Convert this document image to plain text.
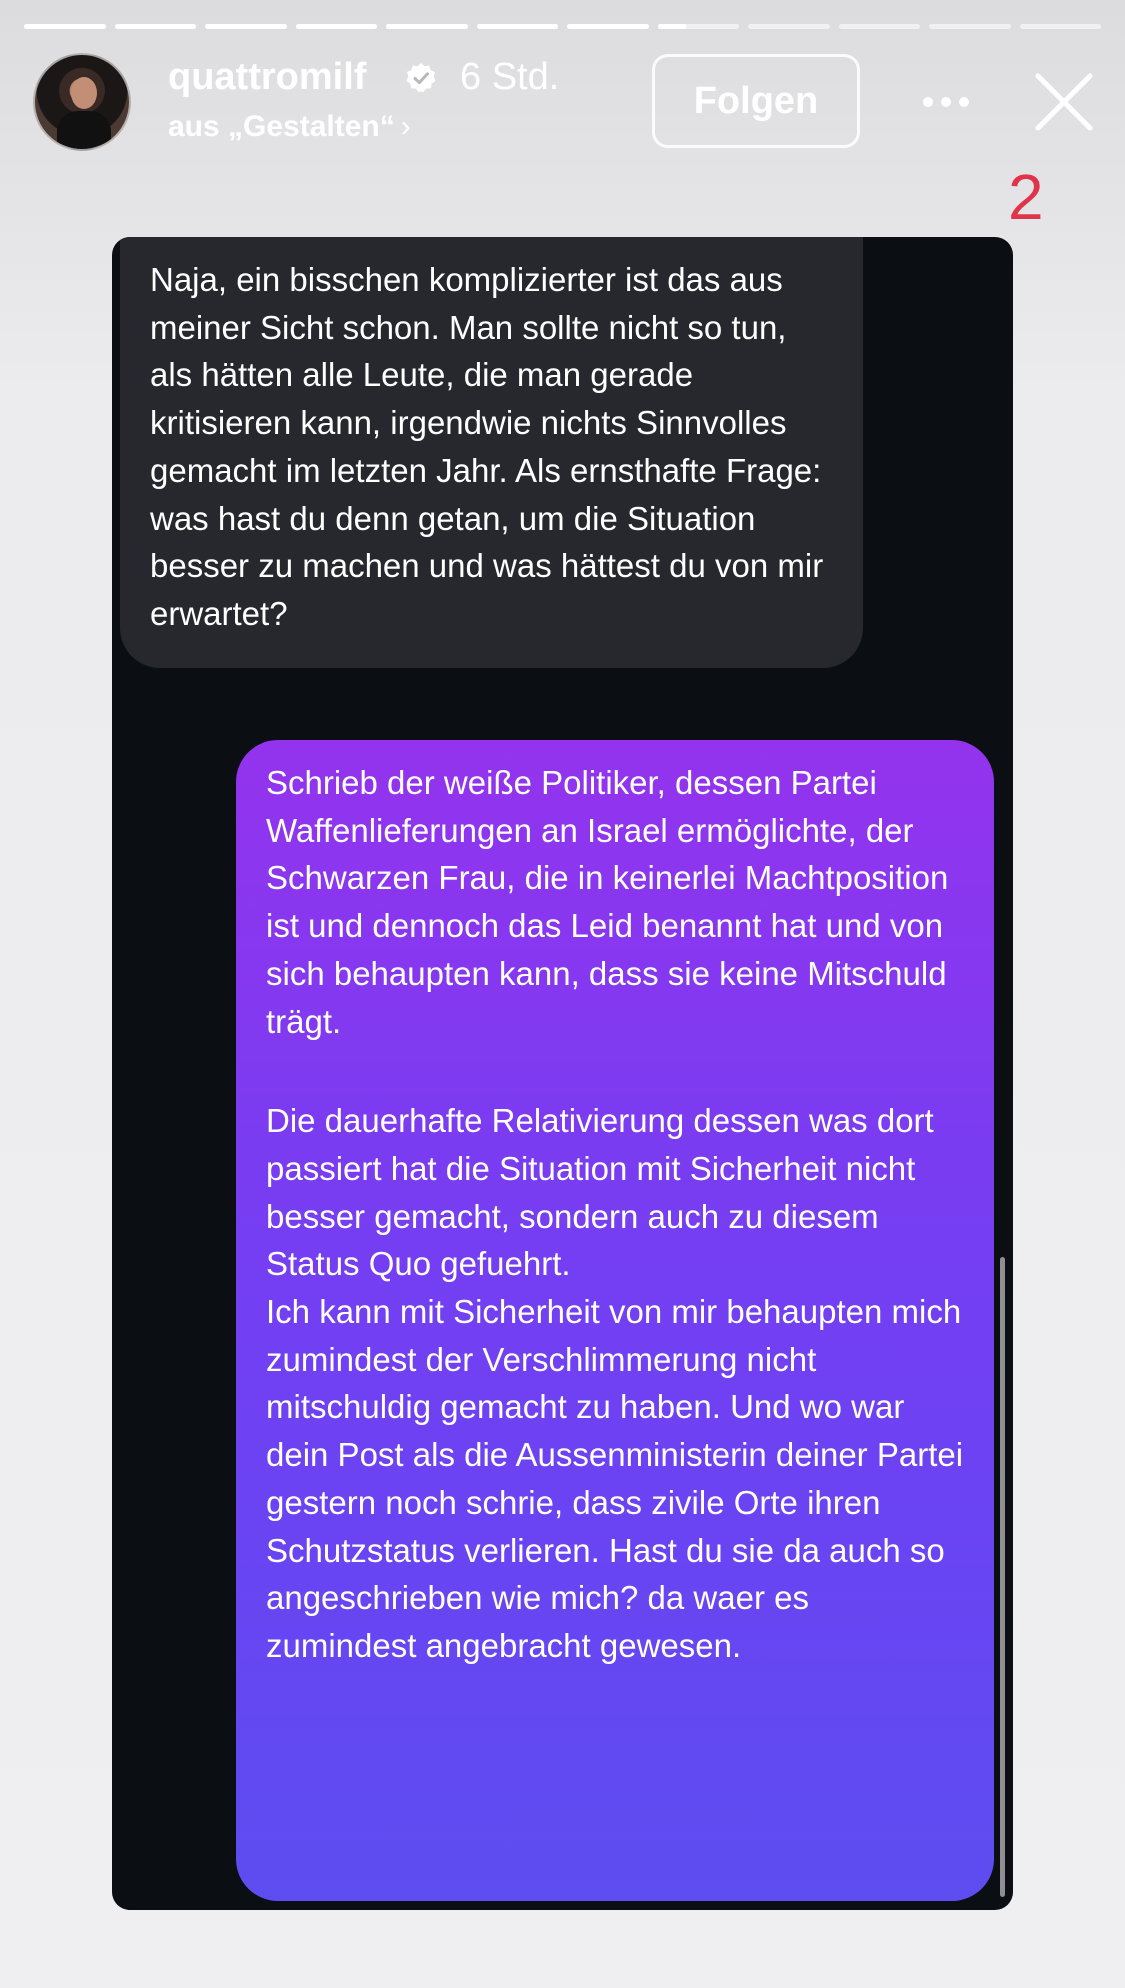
quattromilf 6 Std.
aus „Gestalten“ ›
Folgen
2

Naja, ein bisschen komplizierter ist das aus meiner Sicht schon. Man sollte nicht so tun, als hätten alle Leute, die man gerade kritisieren kann, irgendwie nichts Sinnvolles gemacht im letzten Jahr. Als ernsthafte Frage: was hast du denn getan, um die Situation besser zu machen und was hättest du von mir erwartet?

Schrieb der weiße Politiker, dessen Partei Waffenlieferungen an Israel ermöglichte, der Schwarzen Frau, die in keinerlei Machtposition ist und dennoch das Leid benannt hat und von sich behaupten kann, dass sie keine Mitschuld trägt.

Die dauerhafte Relativierung dessen was dort passiert hat die Situation mit Sicherheit nicht besser gemacht, sondern auch zu diesem Status Quo gefuehrt.

Ich kann mit Sicherheit von mir behaupten mich zumindest der Verschlimmerung nicht mitschuldig gemacht zu haben. Und wo war dein Post als die Aussenministerin deiner Partei gestern noch schrie, dass zivile Orte ihren Schutzstatus verlieren. Hast du sie da auch so angeschrieben wie mich? da waer es zumindest angebracht gewesen.
